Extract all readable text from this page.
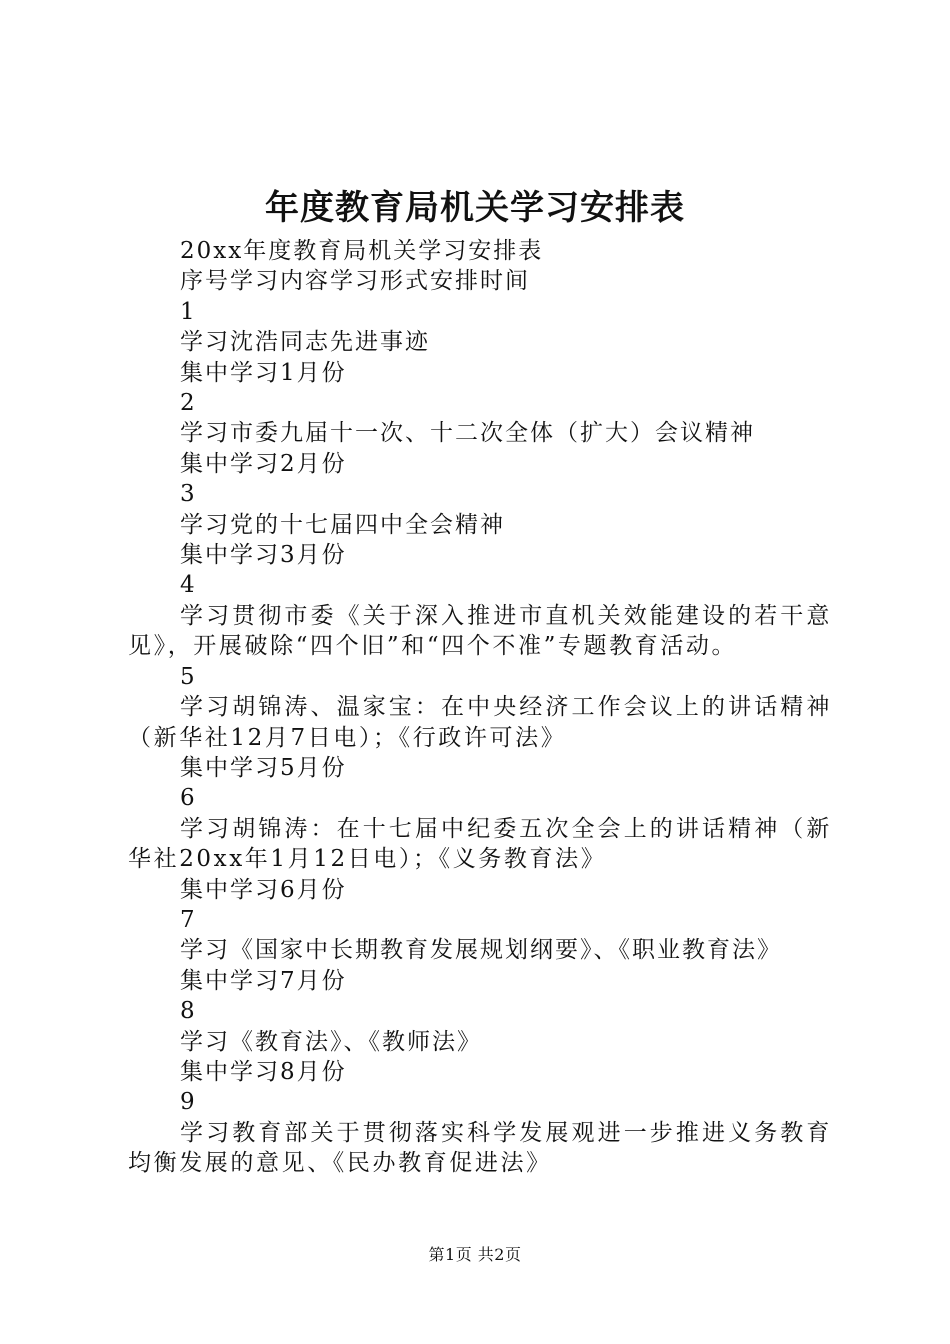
年度教育局机关学习安排表
20xx年度教育局机关学习安排表
序号学习内容学习形式安排时间
1
学习沈浩同志先进事迹
集中学习1月份
2
学习市委九届十一次、十二次全体（扩大）会议精神
集中学习2月份
3
学习党的十七届四中全会精神
集中学习3月份
4

学习贯彻市委《关于深入推进市直机关效能建设的若干意见》，开展破除“四个旧”和“四个不准”专题教育活动。

5

学习胡锦涛、温家宝：在中央经济工作会议上的讲话精神（新华社12月7日电）；《行政许可法》

集中学习5月份
6

学习胡锦涛：在十七届中纪委五次全会上的讲话精神（新华社20xx年1月12日电）；《义务教育法》

集中学习6月份
7
学习《国家中长期教育发展规划纲要》、《职业教育法》
集中学习7月份
8
学习《教育法》、《教师法》
集中学习8月份
9

学习教育部关于贯彻落实科学发展观进一步推进义务教育均衡发展的意见、《民办教育促进法》

第1页 共2页
